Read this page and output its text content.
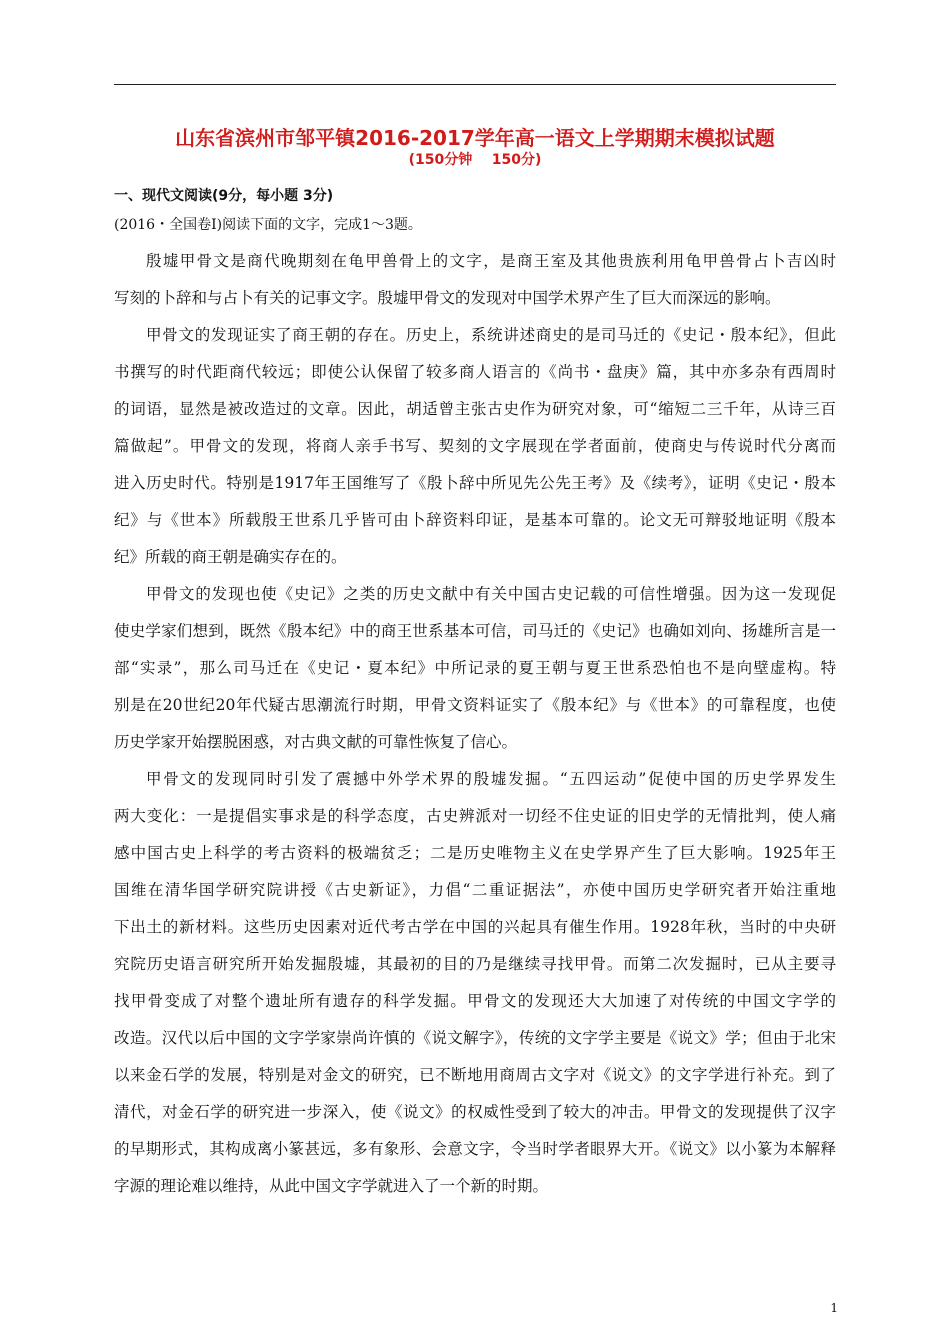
山东省滨州市邹平镇2016-2017学年高一语文上学期期末模拟试题
(150分钟    150分)
一、现代文阅读(9分，每小题 3分)
(2016・全国卷Ⅰ)阅读下面的文字，完成1～3题。
殷墟甲骨文是商代晚期刻在龟甲兽骨上的文字，是商王室及其他贵族利用龟甲兽骨占卜吉凶时
写刻的卜辞和与占卜有关的记事文字。殷墟甲骨文的发现对中国学术界产生了巨大而深远的影响。
甲骨文的发现证实了商王朝的存在。历史上，系统讲述商史的是司马迁的《史记・殷本纪》，但此
书撰写的时代距商代较远；即使公认保留了较多商人语言的《尚书・盘庚》篇，其中亦多杂有西周时
的词语，显然是被改造过的文章。因此，胡适曾主张古史作为研究对象，可“缩短二三千年，从诗三百
篇做起”。甲骨文的发现，将商人亲手书写、契刻的文字展现在学者面前，使商史与传说时代分离而
进入历史时代。特别是1917年王国维写了《殷卜辞中所见先公先王考》及《续考》，证明《史记・殷本
纪》与《世本》所载殷王世系几乎皆可由卜辞资料印证，是基本可靠的。论文无可辩驳地证明《殷本
纪》所载的商王朝是确实存在的。
甲骨文的发现也使《史记》之类的历史文献中有关中国古史记载的可信性增强。因为这一发现促
使史学家们想到，既然《殷本纪》中的商王世系基本可信，司马迁的《史记》也确如刘向、扬雄所言是一
部“实录”，那么司马迁在《史记・夏本纪》中所记录的夏王朝与夏王世系恐怕也不是向壁虚构。特
别是在20世纪20年代疑古思潮流行时期，甲骨文资料证实了《殷本纪》与《世本》的可靠程度，也使
历史学家开始摆脱困惑，对古典文献的可靠性恢复了信心。
甲骨文的发现同时引发了震撼中外学术界的殷墟发掘。“五四运动”促使中国的历史学界发生
两大变化：一是提倡实事求是的科学态度，古史辨派对一切经不住史证的旧史学的无情批判，使人痛
感中国古史上科学的考古资料的极端贫乏；二是历史唯物主义在史学界产生了巨大影响。1925年王
国维在清华国学研究院讲授《古史新证》，力倡“二重证据法”，亦使中国历史学研究者开始注重地
下出土的新材料。这些历史因素对近代考古学在中国的兴起具有催生作用。1928年秋，当时的中央研
究院历史语言研究所开始发掘殷墟，其最初的目的乃是继续寻找甲骨。而第二次发掘时，已从主要寻
找甲骨变成了对整个遗址所有遗存的科学发掘。甲骨文的发现还大大加速了对传统的中国文字学的
改造。汉代以后中国的文字学家崇尚许慎的《说文解字》，传统的文字学主要是《说文》学；但由于北宋
以来金石学的发展，特别是对金文的研究，已不断地用商周古文字对《说文》的文字学进行补充。到了
清代，对金石学的研究进一步深入，使《说文》的权威性受到了较大的冲击。甲骨文的发现提供了汉字
的早期形式，其构成离小篆甚远，多有象形、会意文字，令当时学者眼界大开。《说文》以小篆为本解释
字源的理论难以维持，从此中国文字学就进入了一个新的时期。
1
